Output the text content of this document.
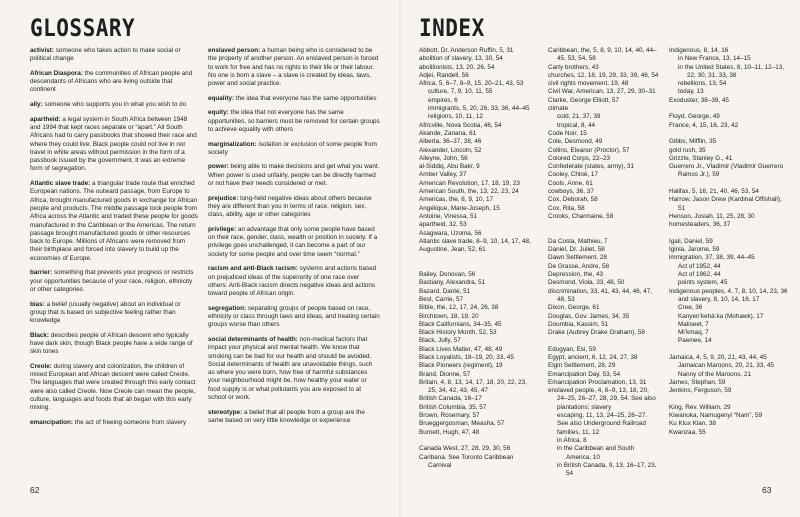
GLOSSARY

activist: someone who takes action to make social or political change

African Diaspora: the communities of African people and descendants of Africans who are living outside that continent

ally: someone who supports you in what you wish to do

apartheid: a legal system in South Africa between 1948 and 1994 that kept races separate or “apart.” All South Africans had to carry passbooks that showed their race and where they could live. Black people could not live in nor travel in white areas without permission in the form of a passbook issued by the government. It was an extreme form of segregation.

Atlantic slave trade: a triangular trade route that enriched European nations. The outward passage, from Europe to Africa, brought manufactured goods in exchange for African people and products. The middle passage took people from Africa across the Atlantic and traded these people for goods manufactured in the Caribbean or the Americas. The return passage brought manufactured goods or other resources back to Europe. Millions of Africans were removed from their birthplace and forced into slavery to build up the economies of Europe.

barrier: something that prevents your progress or restricts your opportunities because of your race, religion, ethnicity or other categories

bias: a belief (usually negative) about an individual or group that is based on subjective feeling rather than knowledge

Black: describes people of African descent who typically have dark skin, though Black people have a wide range of skin tones

Creole: during slavery and colonization, the children of mixed European and African descent were called Creole. The languages that were created through this early contact were also called Creole. Now Creole can mean the people, culture, languages and foods that all began with this early mixing.

emancipation: the act of freeing someone from slavery

enslaved person: a human being who is considered to be the property of another person. An enslaved person is forced to work for free and has no rights to their life or their labour. No one is born a slave – a slave is created by ideas, laws, power and social practice.

equality: the idea that everyone has the same opportunities

equity: the idea that not everyone has the same opportunities, so barriers must be removed for certain groups to achieve equality with others

marginalization: isolation or exclusion of some people from society

power: being able to make decisions and get what you want. When power is used unfairly, people can be directly harmed or not have their needs considered or met.

prejudice: long-held negative ideas about others because they are different than you in terms of race, religion, sex, class, ability, age or other categories

privilege: an advantage that only some people have based on their race, gender, class, wealth or position in society. If a privilege goes unchallenged, it can become a part of our society for some people and over time seem “normal.”

racism and anti-Black racism: systems and actions based on prejudiced ideas of the superiority of one race over others. Anti-Black racism directs negative ideas and actions toward people of African origin.

segregation: separating groups of people based on race, ethnicity or class through laws and ideas, and treating certain groups worse than others

social determinants of health: non-medical factors that impact your physical and mental health. We know that smoking can be bad for our health and should be avoided. Social determinants of health are unavoidable things, such as where you were born, how free of harmful substances your neighbourhood might be, how healthy your water or food supply is or what pollutants you are exposed to at school or work.

stereotype: a belief that all people from a group are the same based on very little knowledge or experience

62
INDEX
Abbott, Dr. Anderson Ruffin, 5, 31
abolition of slavery, 13, 30, 54
abolitionists, 13, 20, 26, 54
Adjei, Randell, 56
Africa, 5, 6–7, 8–9, 15, 20–21, 43, 53
culture, 7, 9, 10, 11, 55
empires, 6
immigrants, 5, 20, 26, 33, 36, 44–45
religions, 10, 11, 12
Africville, Nova Scotia, 46, 54
Akande, Zanana, 61
Alberta, 36–37, 38, 46
Alexander, Lincoln, 52
Alleyne, John, 56
al-Siddiq, Abu Bakr, 9
Amber Valley, 37
American Revolution, 17, 18, 19, 23
American South, the, 13, 22, 23, 24
Americas, the, 8, 9, 10, 17
Angélique, Marie-Joseph, 15
Antoine, Vinessa, 51
apartheid, 32, 53
Asagwara, Uzoma, 56
Atlantic slave trade, 8–9, 10, 14, 17, 48,
Augustine, Jean, 52, 61
Bailey, Donovan, 56
Bastiany, Alexandra, 51
Bazard, Danté, 51
Best, Carrie, 57
Bible, the, 12, 17, 24, 26, 38
Birchtown, 18, 19, 20
Black Californians, 34–35, 45
Black History Month, 52, 53
Black, Jully, 57
Black Lives Matter, 47, 48, 49
Black Loyalists, 18–19, 20, 33, 45
Black Pioneers (regiment), 19
Brand, Dionne, 57
Britain, 4, 8, 13, 14, 17, 18, 20, 22, 23, 25, 34, 42, 43, 45, 47
British Canada, 16–17
British Columbia, 35, 57
Brown, Rosemary, 57
Brueggergosman, Measha, 57
Burnett, Hugh, 47, 48
Canada West, 27, 28, 29, 30, 56
Caribana. See Toronto Caribbean Carnival
Caribbean, the, 5, 8, 9, 10, 14, 40, 44–45, 53, 54, 58
Carty brothers, 43
churches, 12, 18, 19, 29, 33, 39, 46, 54
civil rights movement, 19, 48
Civil War, American, 13, 27, 29, 30–31
Clarke, George Elliott, 57
climate
cold, 21, 37, 39
tropical, 8, 44
Code Noir, 15
Cole, Desmond, 49
Collins, Eleanor (Proctor), 57
Colored Corps, 22–23
Confederate (states, army), 31
Cooley, Chloé, 17
Cools, Anne, 61
cowboys, 36, 37
Cox, Deborah, 58
Cox, Rita, 58
Crooks, Charmaine, 58
Da Costa, Mathieu, 7
Daniel, Dr. Juliet, 58
Dawn Settlement, 28
De Grasse, Andre, 58
Depression, the, 43
Desmond, Viola, 33, 48, 50
discrimination, 33, 41, 43, 44, 46, 47, 48, 53
Dixon, George, 61
Douglas, Gov. James, 34, 35
Doumbia, Kassim, 51
Drake (Aubrey Drake Graham), 58
Edugyan, Esi, 59
Egypt, ancient, 6, 12, 24, 27, 38
Elgin Settlement, 28, 29
Emancipation Day, 53, 54
Emancipation Proclamation, 13, 31
enslaved people, 4, 8–9, 13, 18, 20, 24–25, 26–27, 28, 29, 54. See also
plantations; slavery
escaping, 11, 13, 24–25, 26–27.
See also Underground Railroad
families, 11, 12
in Africa, 8
in the Caribbean and South America, 10
in British Canada, 9, 13, 16–17, 23, 54
Indigenous, 8, 14, 16
in New France, 13, 14–15
in the United States, 8, 10–11, 12–13, 22, 30, 31, 33, 38
rebellions, 13, 54
today, 13
Exoduster, 38–39, 45
Floyd, George, 49
France, 4, 15, 16, 23, 42
Gibbs, Mifflin, 35
gold rush, 35
Grizzle, Stanley G., 41
Guerrero Jr., Vladimir (Vladimir Guerrero Ramos Jr.), 59
Halifax, 5, 16, 21, 40, 46, 53, 54
Harrow, Jason Drew (Kardinal Offishall), 51
Henson, Josiah, 11, 25, 28, 30
homesteaders, 36, 37
Igali, Daniel, 59
Iginla, Jarome, 59
immigration, 37, 38, 39, 44–45
Act of 1952, 44
Act of 1962, 44
points system, 45
Indigenous peoples, 4, 7, 8, 10, 14, 23, 36
and slavery, 8, 10, 14, 16, 17
Cree, 36
Kanyen’kehà:ka (Mohawk), 17
Maliseet, 7
Mi’kmaq, 7
Pawnee, 14
Jamaica, 4, 5, 9, 20, 21, 43, 44, 45
Jamaican Maroons, 20, 21, 33, 45
Nanny of the Maroons, 21
James, Stephan, 59
Jenkins, Ferguson, 59
King, Rev. William, 29
Kiwanuka, Namugenyi “Nam”, 59
Ku Klux Klan, 38
Kwanzaa, 55
63
